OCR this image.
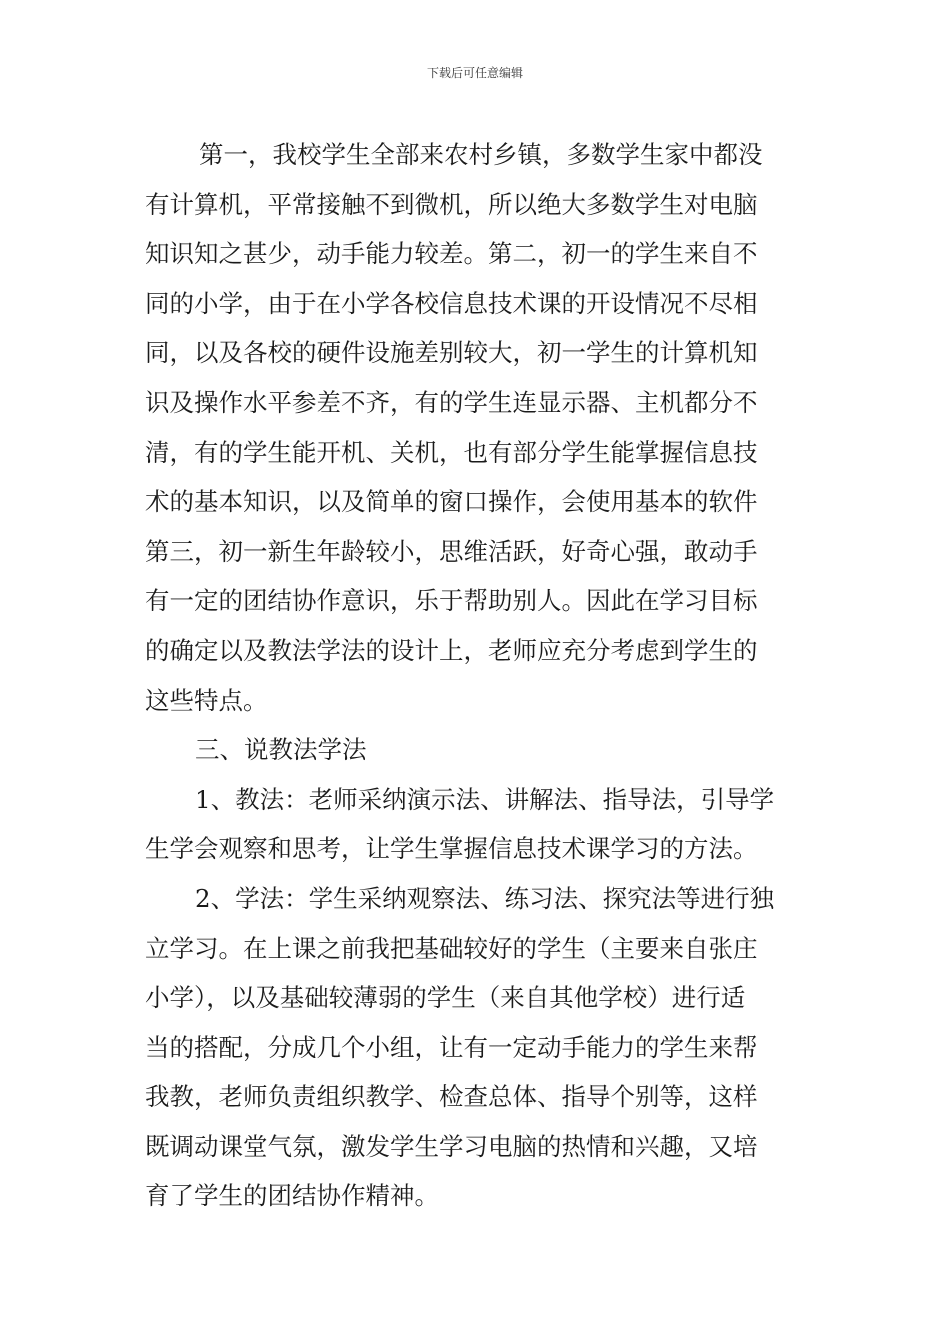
下载后可任意编辑
第一，我校学生全部来农村乡镇，多数学生家中都没
有计算机，平常接触不到微机，所以绝大多数学生对电脑
知识知之甚少，动手能力较差。第二，初一的学生来自不
同的小学，由于在小学各校信息技术课的开设情况不尽相
同，以及各校的硬件设施差别较大，初一学生的计算机知
识及操作水平参差不齐，有的学生连显示器、主机都分不
清，有的学生能开机、关机，也有部分学生能掌握信息技
术的基本知识，以及简单的窗口操作，会使用基本的软件
第三，初一新生年龄较小，思维活跃，好奇心强，敢动手
有一定的团结协作意识，乐于帮助别人。因此在学习目标
的确定以及教法学法的设计上，老师应充分考虑到学生的
这些特点。
三、说教法学法
1、教法：老师采纳演示法、讲解法、指导法，引导学
生学会观察和思考，让学生掌握信息技术课学习的方法。
2、学法：学生采纳观察法、练习法、探究法等进行独
立学习。在上课之前我把基础较好的学生（主要来自张庄
小学），以及基础较薄弱的学生（来自其他学校）进行适
当的搭配，分成几个小组，让有一定动手能力的学生来帮
我教，老师负责组织教学、检查总体、指导个别等，这样
既调动课堂气氛，激发学生学习电脑的热情和兴趣，又培
育了学生的团结协作精神。
